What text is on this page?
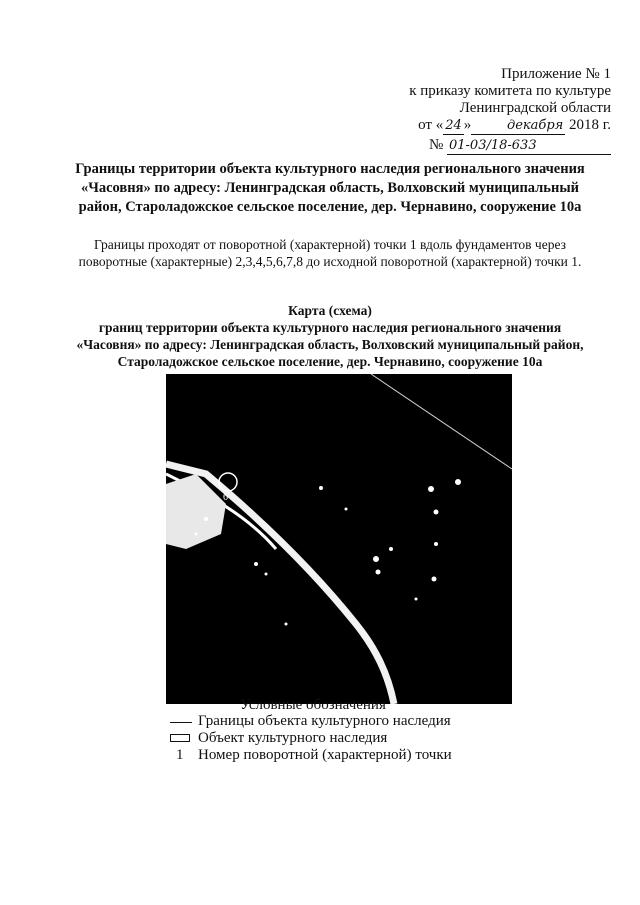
Приложение № 1
к приказу комитета по культуре
Ленинградской области
от « 24 »	декабря 2018 г.
№ 01-03/18-633
Границы территории объекта культурного наследия регионального значения
«Часовня» по адресу: Ленинградская область, Волховский муниципальный
район, Староладожское сельское поселение, дер. Чернавино, сооружение 10а
Границы проходят от поворотной (характерной) точки 1 вдоль фундаментов через
поворотные (характерные) 2,3,4,5,6,7,8 до исходной поворотной (характерной) точки 1.
Карта (схема)
границ территории объекта культурного наследия регионального значения
«Часовня» по адресу: Ленинградская область, Волховский муниципальный район,
Староладожское сельское поселение, дер. Чернавино, сооружение 10а
6
Условные обозначения
Границы объекта культурного наследия
Объект культурного наследия
1 Номер поворотной (характерной) точки
